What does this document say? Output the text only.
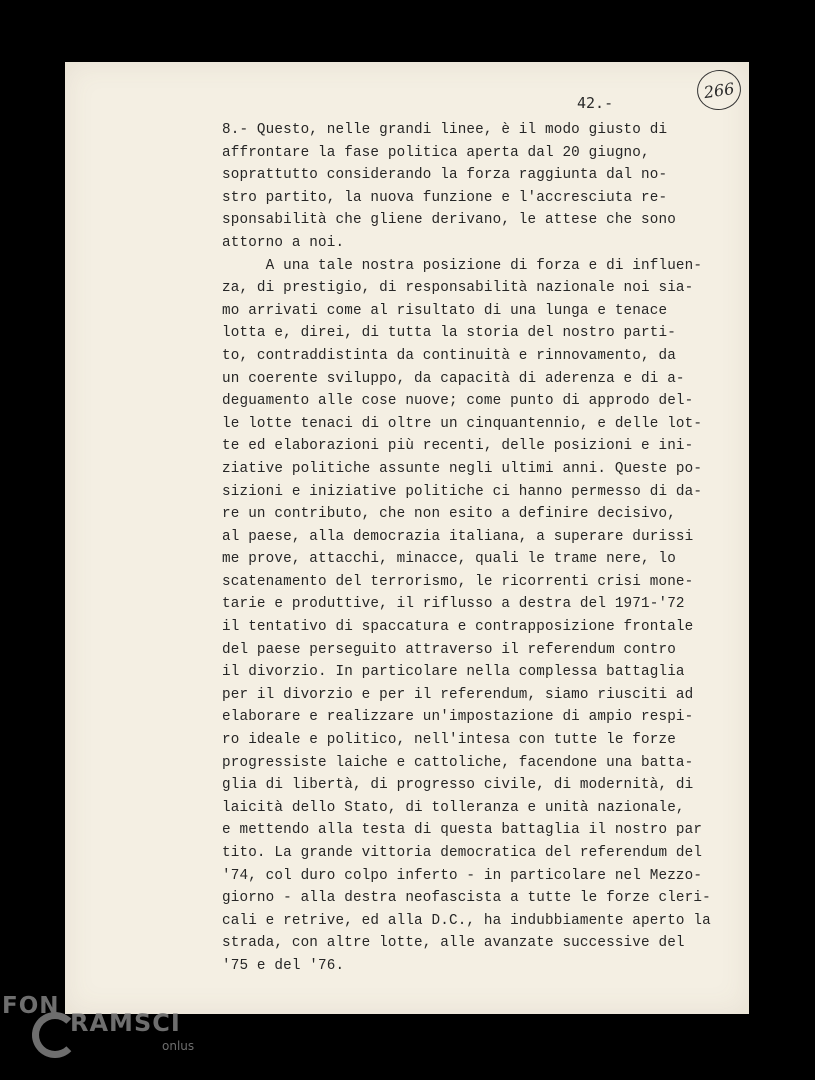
266
42.-
8.- Questo, nelle grandi linee, è il modo giusto di
affrontare la fase politica aperta dal 20 giugno,
soprattutto considerando la forza raggiunta dal no-
stro partito, la nuova funzione e l'accresciuta re-
sponsabilità che gliene derivano, le attese che sono
attorno a noi.
A una tale nostra posizione di forza e di influen-
za, di prestigio, di responsabilità nazionale noi sia-
mo arrivati come al risultato di una lunga e tenace
lotta e, direi, di tutta la storia del nostro parti-
to, contraddistinta da continuità e rinnovamento, da
un coerente sviluppo, da capacità di aderenza e di a-
deguamento alle cose nuove; come punto di approdo del-
le lotte tenaci di oltre un cinquantennio, e delle lot-
te ed elaborazioni più recenti, delle posizioni e ini-
ziative politiche assunte negli ultimi anni. Queste po-
sizioni e iniziative politiche ci hanno permesso di da-
re un contributo, che non esito a definire decisivo,
al paese, alla democrazia italiana, a superare durissi
me prove, attacchi, minacce, quali le trame nere, lo
scatenamento del terrorismo, le ricorrenti crisi mone-
tarie e produttive, il riflusso a destra del 1971-'72
il tentativo di spaccatura e contrapposizione frontale
del paese perseguito attraverso il referendum contro
il divorzio. In particolare nella complessa battaglia
per il divorzio e per il referendum, siamo riusciti ad
elaborare e realizzare un'impostazione di ampio respi-
ro ideale e politico, nell'intesa con tutte le forze
progressiste laiche e cattoliche, facendone una batta-
glia di libertà, di progresso civile, di modernità, di
laicità dello Stato, di tolleranza e unità nazionale,
e mettendo alla testa di questa battaglia il nostro par
tito. La grande vittoria democratica del referendum del
'74, col duro colpo inferto - in particolare nel Mezzo-
giorno - alla destra neofascista a tutte le forze cleri-
cali e retrive, ed alla D.C., ha indubbiamente aperto la
strada, con altre lotte, alle avanzate successive del
'75 e del '76.
FON
RAMSCI
onlus
